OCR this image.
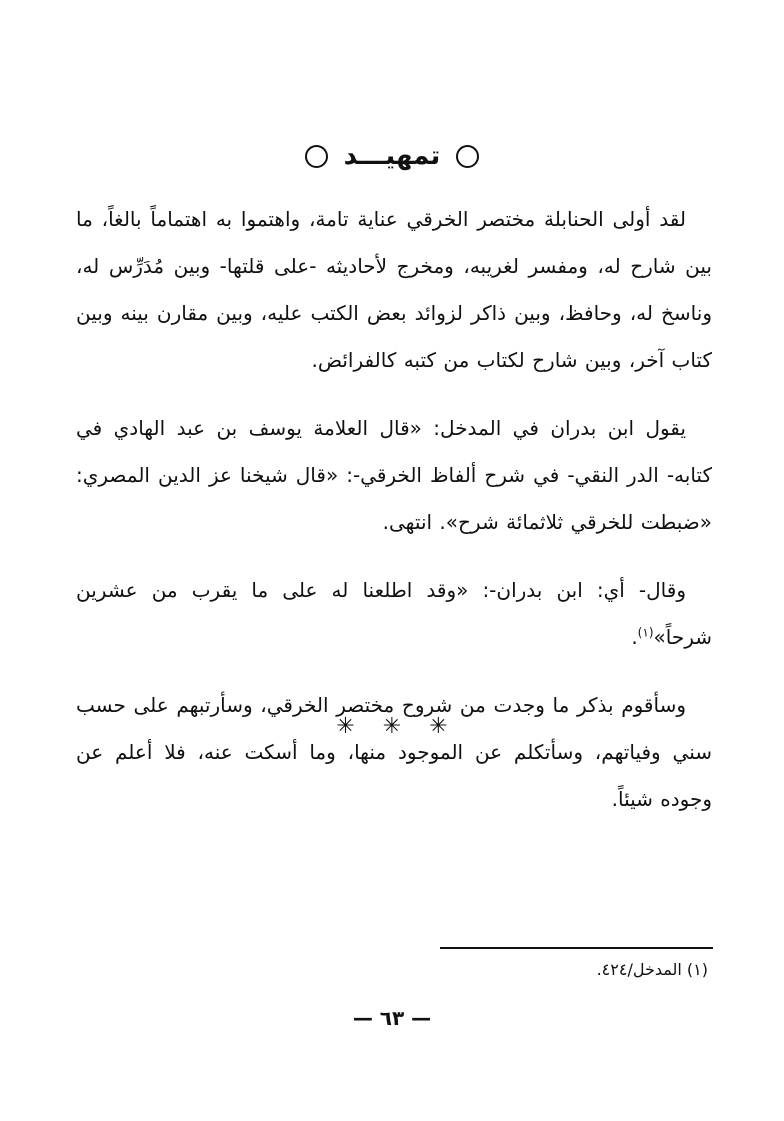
تمهيـــد

لقد أولى الحنابلة مختصر الخرقي عناية تامة، واهتموا به اهتماماً بالغاً، ما بين شارح له، ومفسر لغريبه، ومخرج لأحاديثه -على قلتها- وبين مُدَرِّس له، وناسخ له، وحافظ، وبين ذاكر لزوائد بعض الكتب عليه، وبين مقارن بينه وبين كتاب آخر، وبين شارح لكتاب من كتبه كالفرائض.

يقول ابن بدران في المدخل: «قال العلامة يوسف بن عبد الهادي في كتابه- الدر النقي- في شرح ألفاظ الخرقي-: «قال شيخنا عز الدين المصري: «ضبطت للخرقي ثلاثمائة شرح». انتهى.

وقال- أي: ابن بدران-: «وقد اطلعنا له على ما يقرب من عشرين شرحاً»$^{(١)}$.

وسأقوم بذكر ما وجدت من شروح مختصر الخرقي، وسأرتبهم على حسب سني وفياتهم، وسأتكلم عن الموجود منها، وما أسكت عنه، فلا أعلم عن وجوده شيئاً.

✳
✳
✳
(١) المدخل/٤٢٤.
— ٦٣ —
